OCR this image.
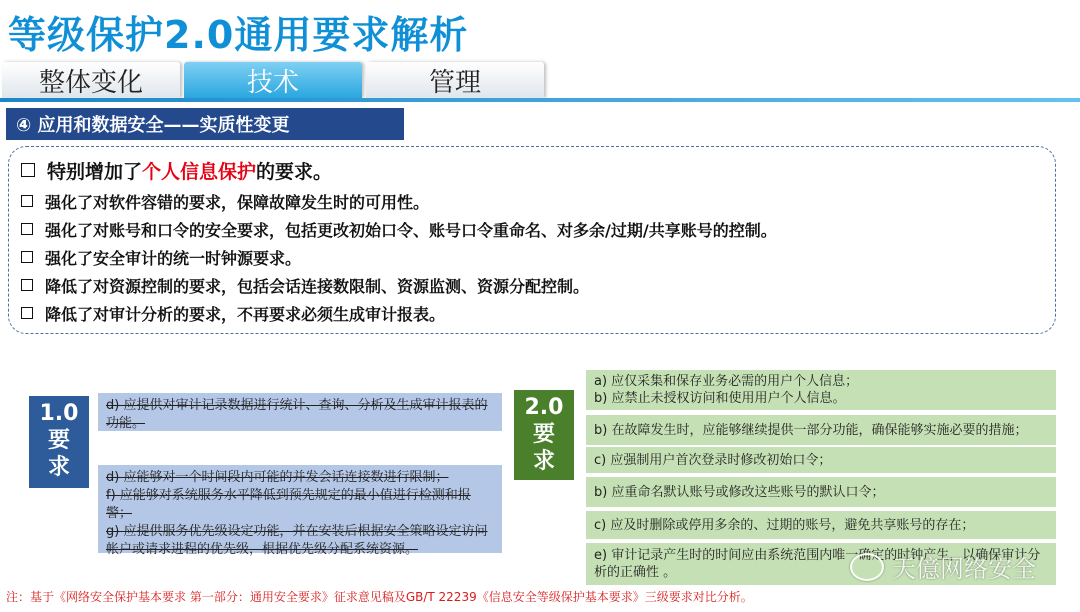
等级保护2.0通用要求解析
整体变化	技术	管理
④ 应用和数据安全——实质性变更
特别增加了 个人信息保护 的要求。
强化了对软件容错的要求，保障故障发生时的可用性。
强化了对账号和口令的安全要求，包括更改初始口令、账号口令重命名、对多余/过期/共享账号的控制。
强化了安全审计的统一时钟源要求。
降低了对资源控制的要求，包括会话连接数限制、资源监测、资源分配控制。
降低了对审计分析的要求，不再要求必须生成审计报表。
1.0
要
求
d) 应提供对审计记录数据进行统计、查询、分析及生成审计报表的功能。
d) 应能够对一个时间段内可能的并发会话连接数进行限制；
f) 应能够对系统服务水平降低到预先规定的最小值进行检测和报警；
g) 应提供服务优先级设定功能，并在安装后根据安全策略设定访问帐户或请求进程的优先级，根据优先级分配系统资源。
2.0
要
求
a) 应仅采集和保存业务必需的用户个人信息；
b) 应禁止未授权访问和使用用户个人信息。
b) 在故障发生时，应能够继续提供一部分功能，确保能够实施必要的措施；
c) 应强制用户首次登录时修改初始口令；
b) 应重命名默认账号或修改这些账号的默认口令；
c) 应及时删除或停用多余的、过期的账号，避免共享账号的存在；
e) 审计记录产生时的时间应由系统范围内唯一确定的时钟产生，以确保审计分析的正确性 。	天億网络安全
注：基于《网络安全保护基本要求 第一部分：通用安全要求》征求意见稿及GB/T 22239《信息安全等级保护基本要求》三级要求对比分析。
